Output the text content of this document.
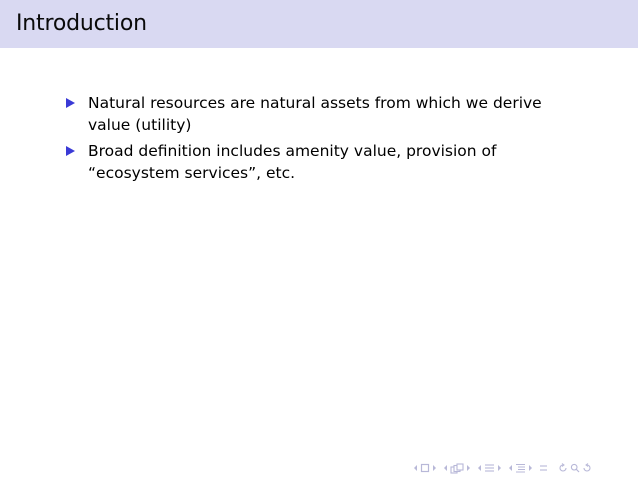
Introduction
Natural resources are natural assets from which we derive value (utility)
Broad definition includes amenity value, provision of “ecosystem services”, etc.
